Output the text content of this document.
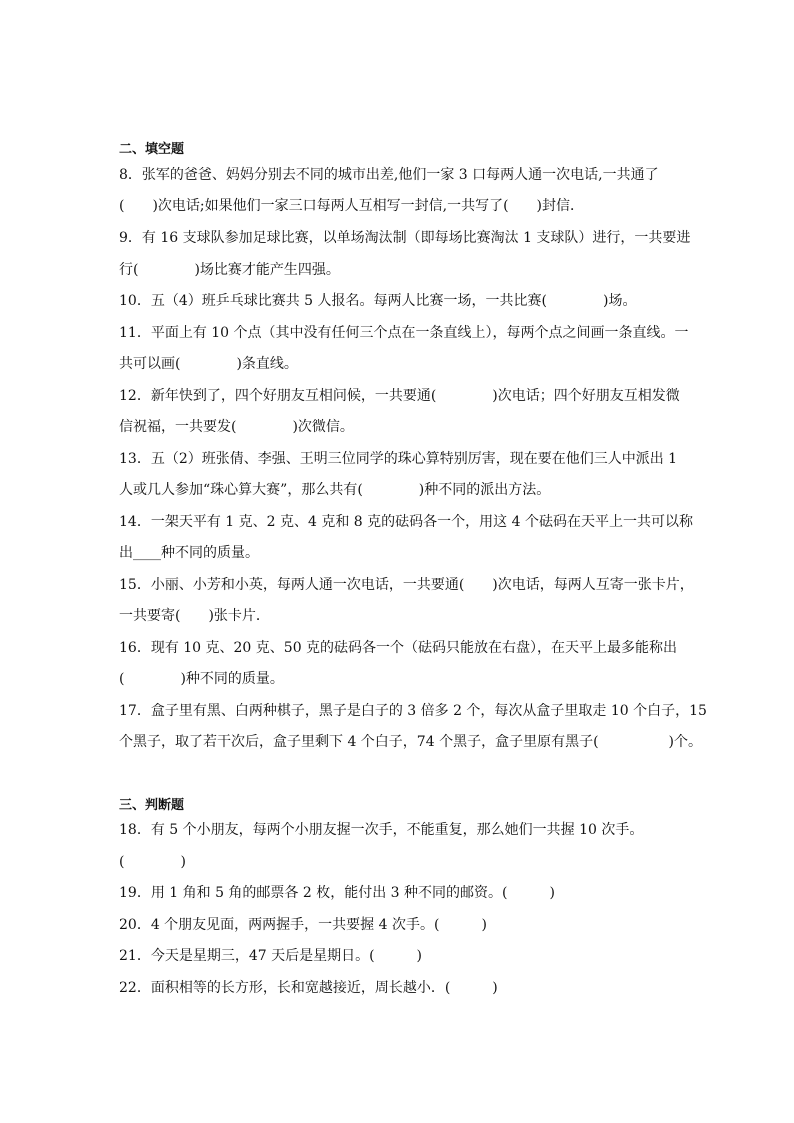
二、填空题
8．张军的爸爸、妈妈分别去不同的城市出差,他们一家 3 口每两人通一次电话,一共通了
(　　)次电话;如果他们一家三口每两人互相写一封信,一共写了(　　)封信．
9．有 16 支球队参加足球比赛，以单场淘汰制（即每场比赛淘汰 1 支球队）进行，一共要进
行(　　　　)场比赛才能产生四强。
10．五（4）班乒乓球比赛共 5 人报名。每两人比赛一场，一共比赛(　　　　)场。
11．平面上有 10 个点（其中没有任何三个点在一条直线上），每两个点之间画一条直线。一
共可以画(　　　　)条直线。
12．新年快到了，四个好朋友互相问候，一共要通(　　　　)次电话；四个好朋友互相发微
信祝福，一共要发(　　　　)次微信。
13．五（2）班张倩、李强、王明三位同学的珠心算特别厉害，现在要在他们三人中派出 1
人或几人参加“珠心算大赛”，那么共有(　　　　)种不同的派出方法。
14．一架天平有 1 克、2 克、4 克和 8 克的砝码各一个，用这 4 个砝码在天平上一共可以称
出____种不同的质量。
15．小丽、小芳和小英，每两人通一次电话，一共要通(　　)次电话，每两人互寄一张卡片，
一共要寄(　　)张卡片．
16．现有 10 克、20 克、50 克的砝码各一个（砝码只能放在右盘），在天平上最多能称出
(　　　　)种不同的质量。
17．盒子里有黑、白两种棋子，黑子是白子的 3 倍多 2 个，每次从盒子里取走 10 个白子，15
个黑子，取了若干次后，盒子里剩下 4 个白子，74 个黑子，盒子里原有黑子(　　　　　)个。
三、判断题
18．有 5 个小朋友，每两个小朋友握一次手，不能重复，那么她们一共握 10 次手。
(　　　　)
19．用 1 角和 5 角的邮票各 2 枚，能付出 3 种不同的邮资。(　　　)
20．4 个朋友见面，两两握手，一共要握 4 次手。(　　　)
21．今天是星期三，47 天后是星期日。(　　　)
22．面积相等的长方形，长和宽越接近，周长越小．(　　　)
